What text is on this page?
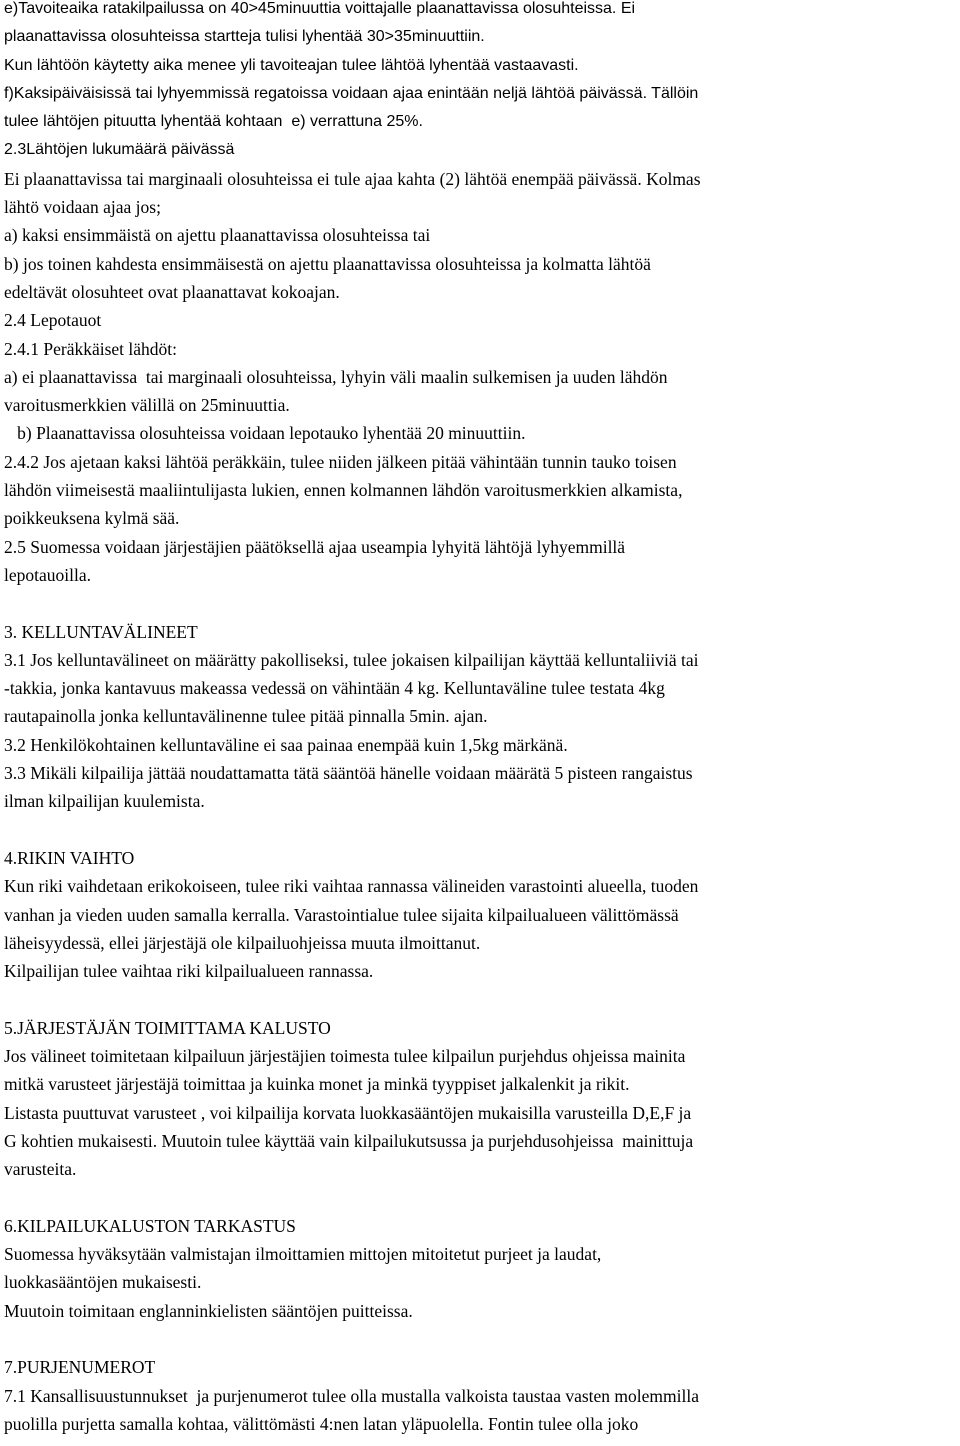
e)Tavoiteaika ratakilpailussa on 40>45minuuttia voittajalle plaanattavissa olosuhteissa. Ei
plaanattavissa olosuhteissa startteja tulisi lyhentää 30>35minuuttiin.
Kun lähtöön käytetty aika menee yli tavoiteajan tulee lähtöä lyhentää vastaavasti.
f)Kaksipäiväisissä tai lyhyemmissä regatoissa voidaan ajaa enintään neljä lähtöä päivässä. Tällöin
tulee lähtöjen pituutta lyhentää kohtaan  e) verrattuna 25%.
2.3Lähtöjen lukumäärä päivässä
Ei plaanattavissa tai marginaali olosuhteissa ei tule ajaa kahta (2) lähtöä enempää päivässä. Kolmas
lähtö voidaan ajaa jos;
a) kaksi ensimmäistä on ajettu plaanattavissa olosuhteissa tai
b) jos toinen kahdesta ensimmäisestä on ajettu plaanattavissa olosuhteissa ja kolmatta lähtöä
edeltävät olosuhteet ovat plaanattavat kokoajan.
2.4 Lepotauot
2.4.1 Peräkkäiset lähdöt:
a) ei plaanattavissa  tai marginaali olosuhteissa, lyhyin väli maalin sulkemisen ja uuden lähdön
varoitusmerkkien välillä on 25minuuttia.
b) Plaanattavissa olosuhteissa voidaan lepotauko lyhentää 20 minuuttiin.
2.4.2 Jos ajetaan kaksi lähtöä peräkkäin, tulee niiden jälkeen pitää vähintään tunnin tauko toisen
lähdön viimeisestä maaliintulijasta lukien, ennen kolmannen lähdön varoitusmerkkien alkamista,
poikkeuksena kylmä sää.
2.5 Suomessa voidaan järjestäjien päätöksellä ajaa useampia lyhyitä lähtöjä lyhyemmillä
lepotauoilla.
3. KELLUNTAVÄLINEET
3.1 Jos kelluntavälineet on määrätty pakolliseksi, tulee jokaisen kilpailijan käyttää kelluntaliiviä tai
-takkia, jonka kantavuus makeassa vedessä on vähintään 4 kg. Kelluntaväline tulee testata 4kg
rautapainolla jonka kelluntavälinenne tulee pitää pinnalla 5min. ajan.
3.2 Henkilökohtainen kelluntaväline ei saa painaa enempää kuin 1,5kg märkänä.
3.3 Mikäli kilpailija jättää noudattamatta tätä sääntöä hänelle voidaan määrätä 5 pisteen rangaistus
ilman kilpailijan kuulemista.
4.RIKIN VAIHTO
Kun riki vaihdetaan erikokoiseen, tulee riki vaihtaa rannassa välineiden varastointi alueella, tuoden
vanhan ja vieden uuden samalla kerralla. Varastointialue tulee sijaita kilpailualueen välittömässä
läheisyydessä, ellei järjestäjä ole kilpailuohjeissa muuta ilmoittanut.
Kilpailijan tulee vaihtaa riki kilpailualueen rannassa.
5.JÄRJESTÄJÄN TOIMITTAMA KALUSTO
Jos välineet toimitetaan kilpailuun järjestäjien toimesta tulee kilpailun purjehdus ohjeissa mainita
mitkä varusteet järjestäjä toimittaa ja kuinka monet ja minkä tyyppiset jalkalenkit ja rikit.
Listasta puuttuvat varusteet , voi kilpailija korvata luokkasääntöjen mukaisilla varusteilla D,E,F ja
G kohtien mukaisesti. Muutoin tulee käyttää vain kilpailukutsussa ja purjehdusohjeissa  mainittuja
varusteita.
6.KILPAILUKALUSTON TARKASTUS
Suomessa hyväksytään valmistajan ilmoittamien mittojen mitoitetut purjeet ja laudat,
luokkasääntöjen mukaisesti.
Muutoin toimitaan englanninkielisten sääntöjen puitteissa.
7.PURJENUMEROT
7.1 Kansallisuustunnukset  ja purjenumerot tulee olla mustalla valkoista taustaa vasten molemmilla
puolilla purjetta samalla kohtaa, välittömästi 4:nen latan yläpuolella. Fontin tulee olla joko
